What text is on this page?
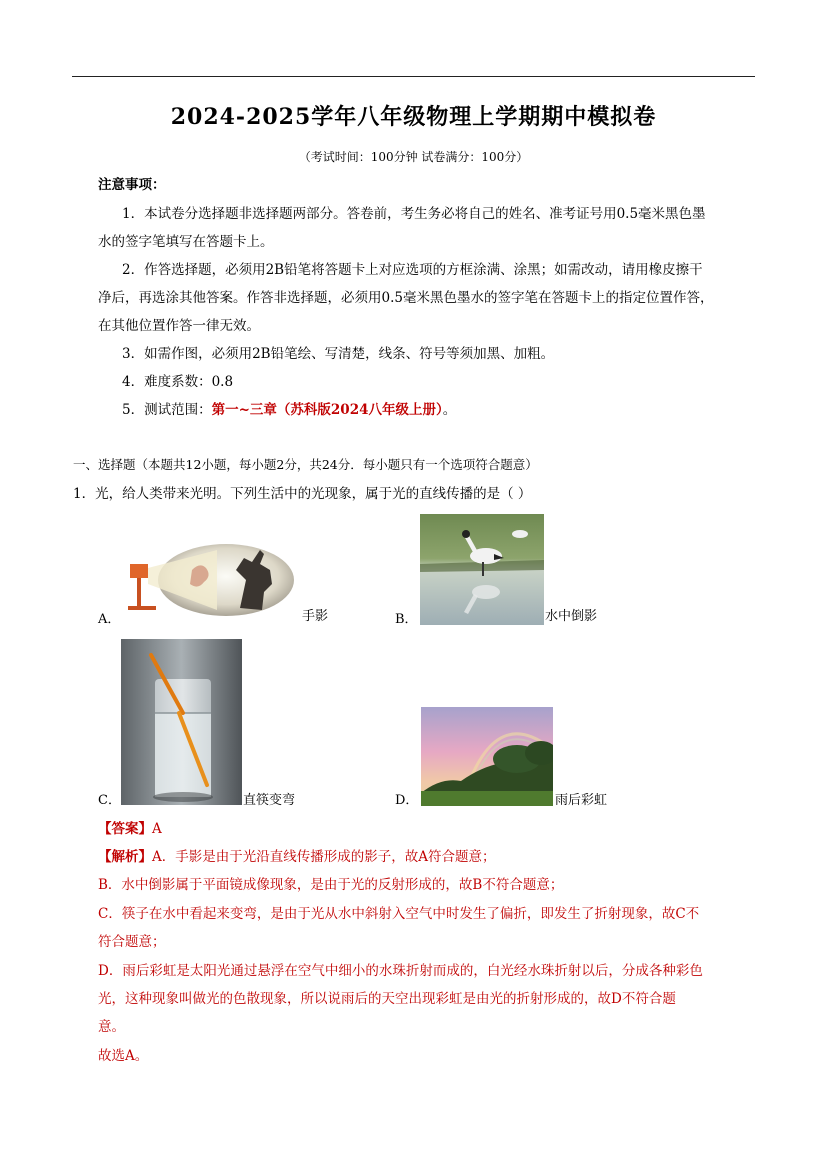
2024-2025学年八年级物理上学期期中模拟卷
（考试时间：100分钟 试卷满分：100分）
注意事项：
1．本试卷分选择题非选择题两部分。答卷前，考生务必将自己的姓名、准考证号用0.5毫米黑色墨
水的签字笔填写在答题卡上。
2．作答选择题，必须用2B铅笔将答题卡上对应选项的方框涂满、涂黑；如需改动，请用橡皮擦干
净后，再选涂其他答案。作答非选择题，必须用0.5毫米黑色墨水的签字笔在答题卡上的指定位置作答，
在其他位置作答一律无效。
3．如需作图，必须用2B铅笔绘、写清楚，线条、符号等须加黑、加粗。
4．难度系数：0.8
5．测试范围：第一~三章（苏科版2024八年级上册）。
一、选择题（本题共12小题，每小题2分，共24分．每小题只有一个选项符合题意）
1．光，给人类带来光明。下列生活中的光现象，属于光的直线传播的是（ ）
A．	手影	B．	水中倒影
C．	直筷变弯	D．	雨后彩虹
【答案】A
【解析】A．手影是由于光沿直线传播形成的影子，故A符合题意；
B．水中倒影属于平面镜成像现象，是由于光的反射形成的，故B不符合题意；
C．筷子在水中看起来变弯，是由于光从水中斜射入空气中时发生了偏折，即发生了折射现象，故C不
符合题意；
D．雨后彩虹是太阳光通过悬浮在空气中细小的水珠折射而成的，白光经水珠折射以后，分成各种彩色
光，这种现象叫做光的色散现象，所以说雨后的天空出现彩虹是由光的折射形成的，故D不符合题
意。
故选A。
